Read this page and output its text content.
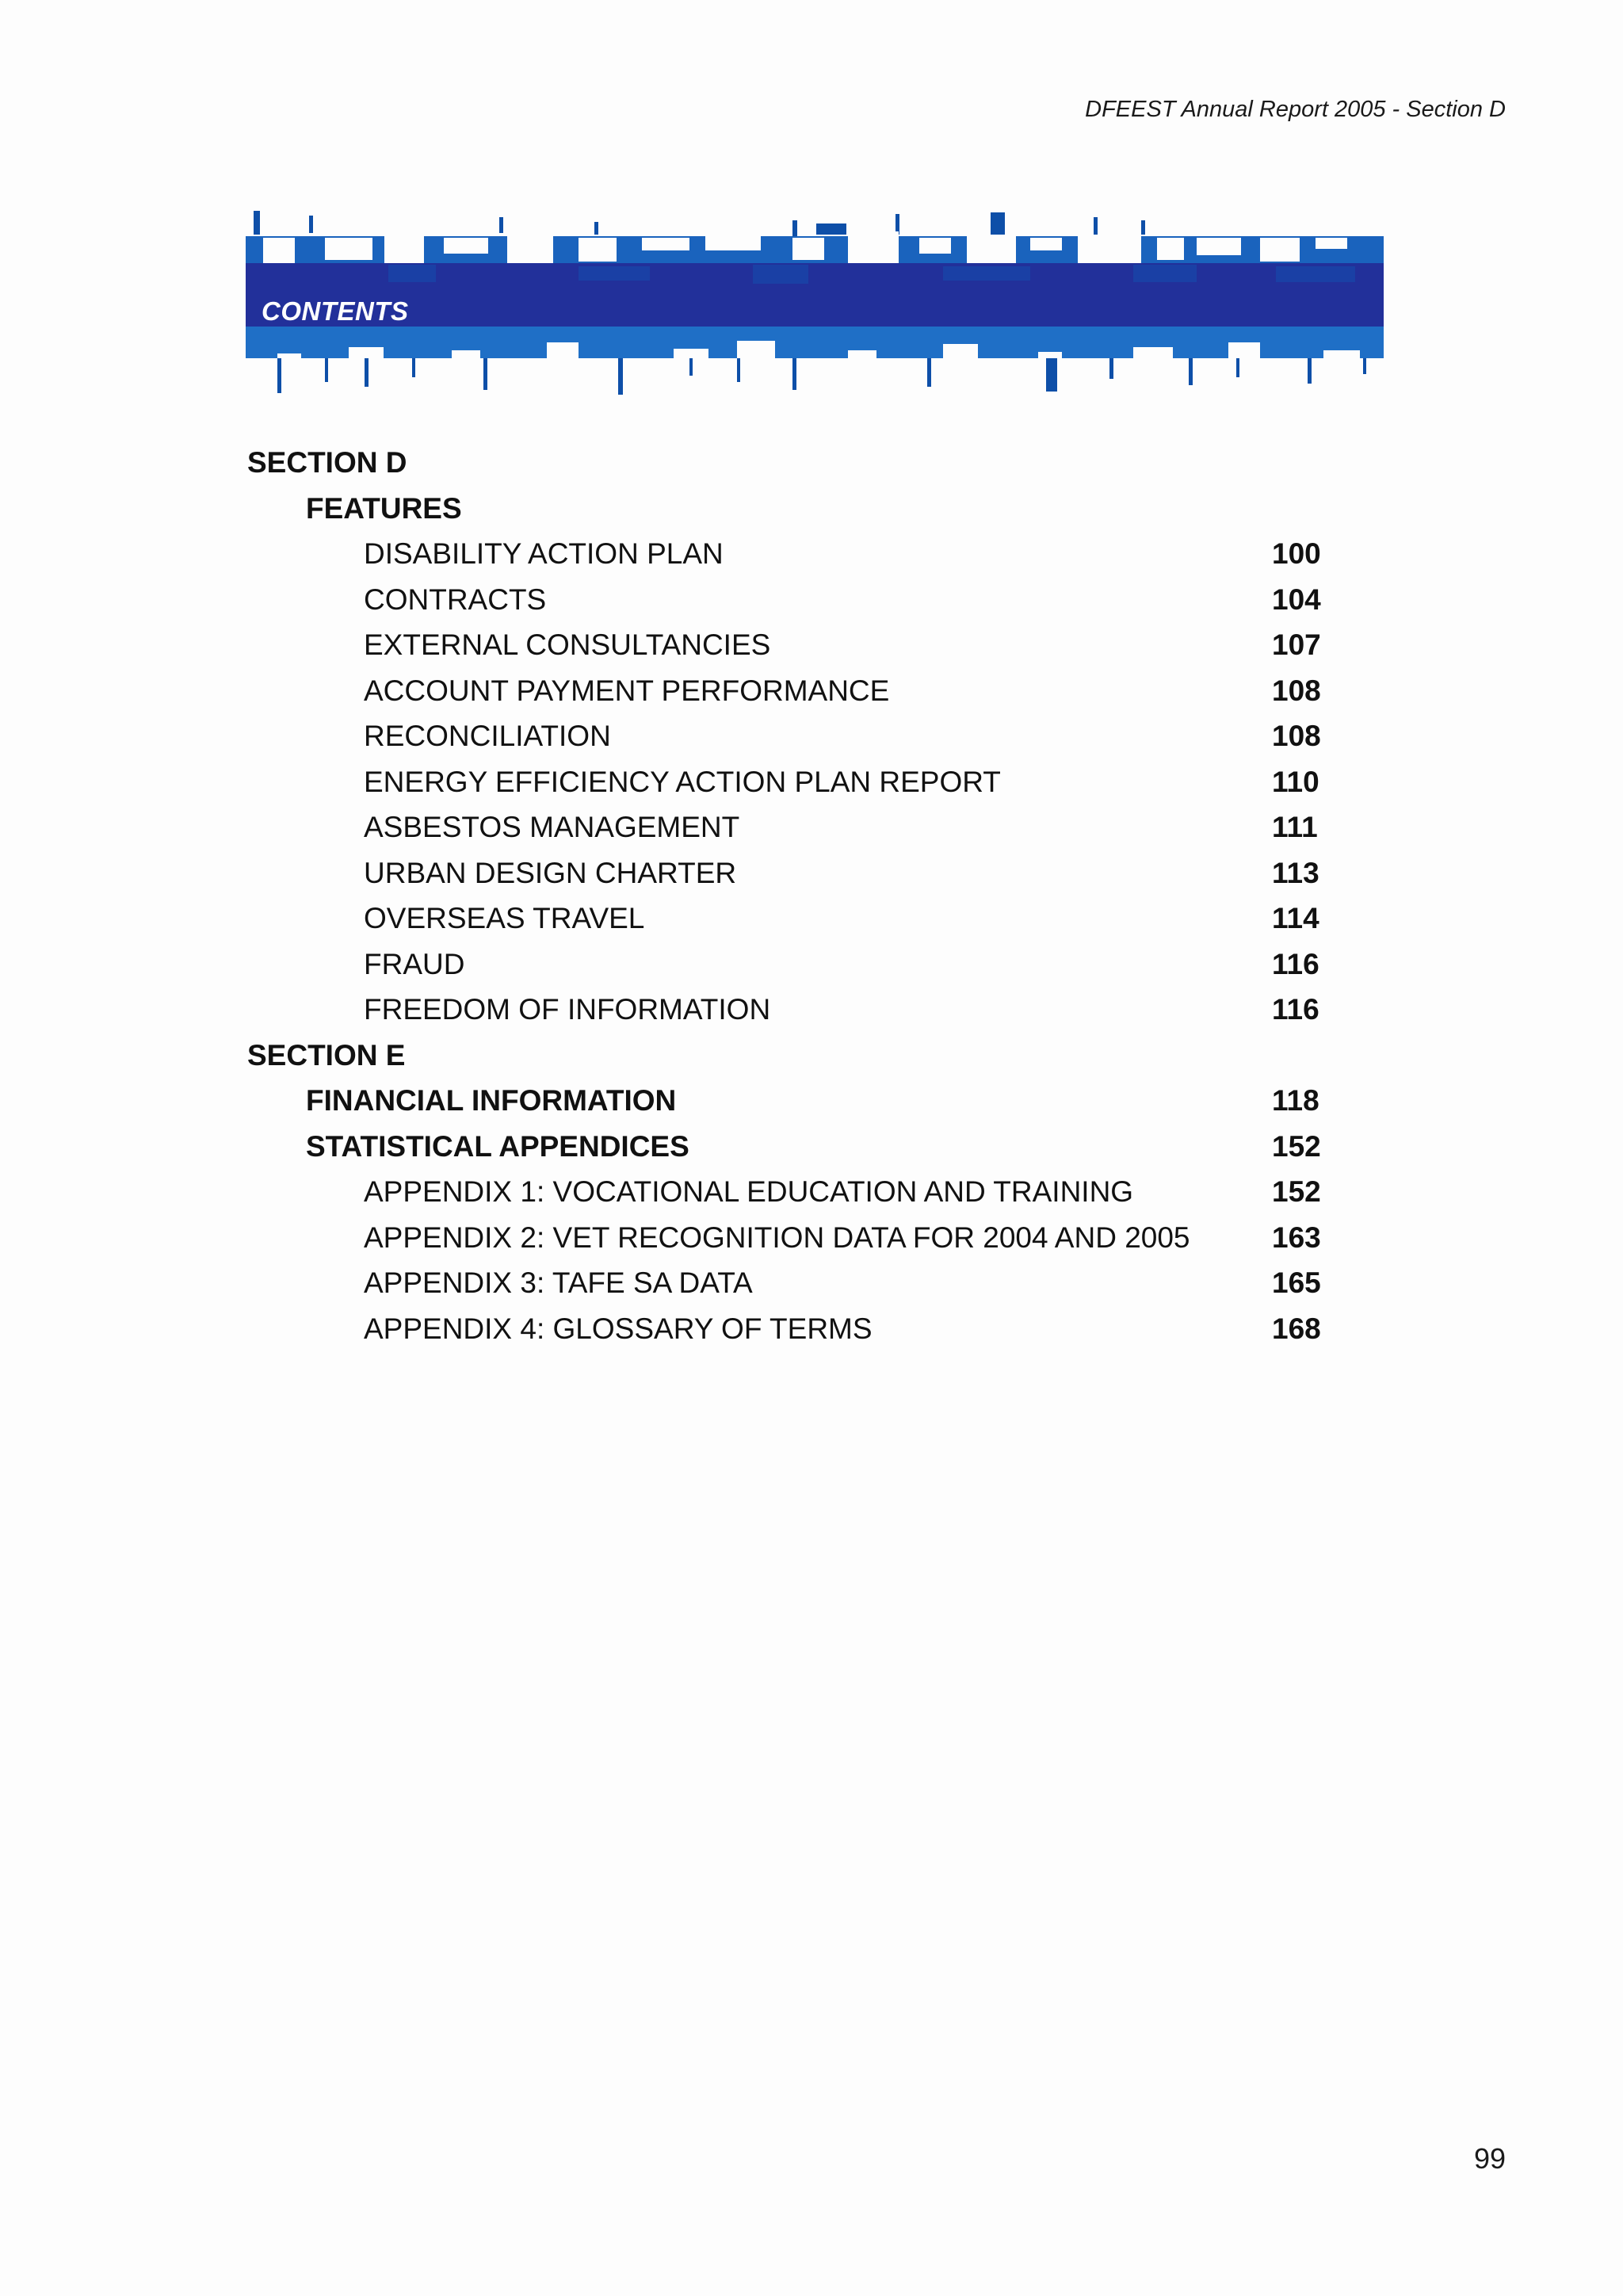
DFEEST Annual Report 2005 - Section D
CONTENTS
SECTION D
FEATURES
DISABILITY ACTION PLAN	100
CONTRACTS	104
EXTERNAL CONSULTANCIES	107
ACCOUNT PAYMENT PERFORMANCE	108
RECONCILIATION	108
ENERGY EFFICIENCY ACTION PLAN REPORT	110
ASBESTOS MANAGEMENT	111
URBAN DESIGN CHARTER	113
OVERSEAS TRAVEL	114
FRAUD	116
FREEDOM OF INFORMATION	116
SECTION E
FINANCIAL INFORMATION	118
STATISTICAL APPENDICES	152
APPENDIX 1: VOCATIONAL EDUCATION AND TRAINING	152
APPENDIX 2: VET RECOGNITION DATA FOR 2004 AND 2005	163
APPENDIX 3: TAFE SA DATA	165
APPENDIX 4: GLOSSARY OF TERMS	168
99
